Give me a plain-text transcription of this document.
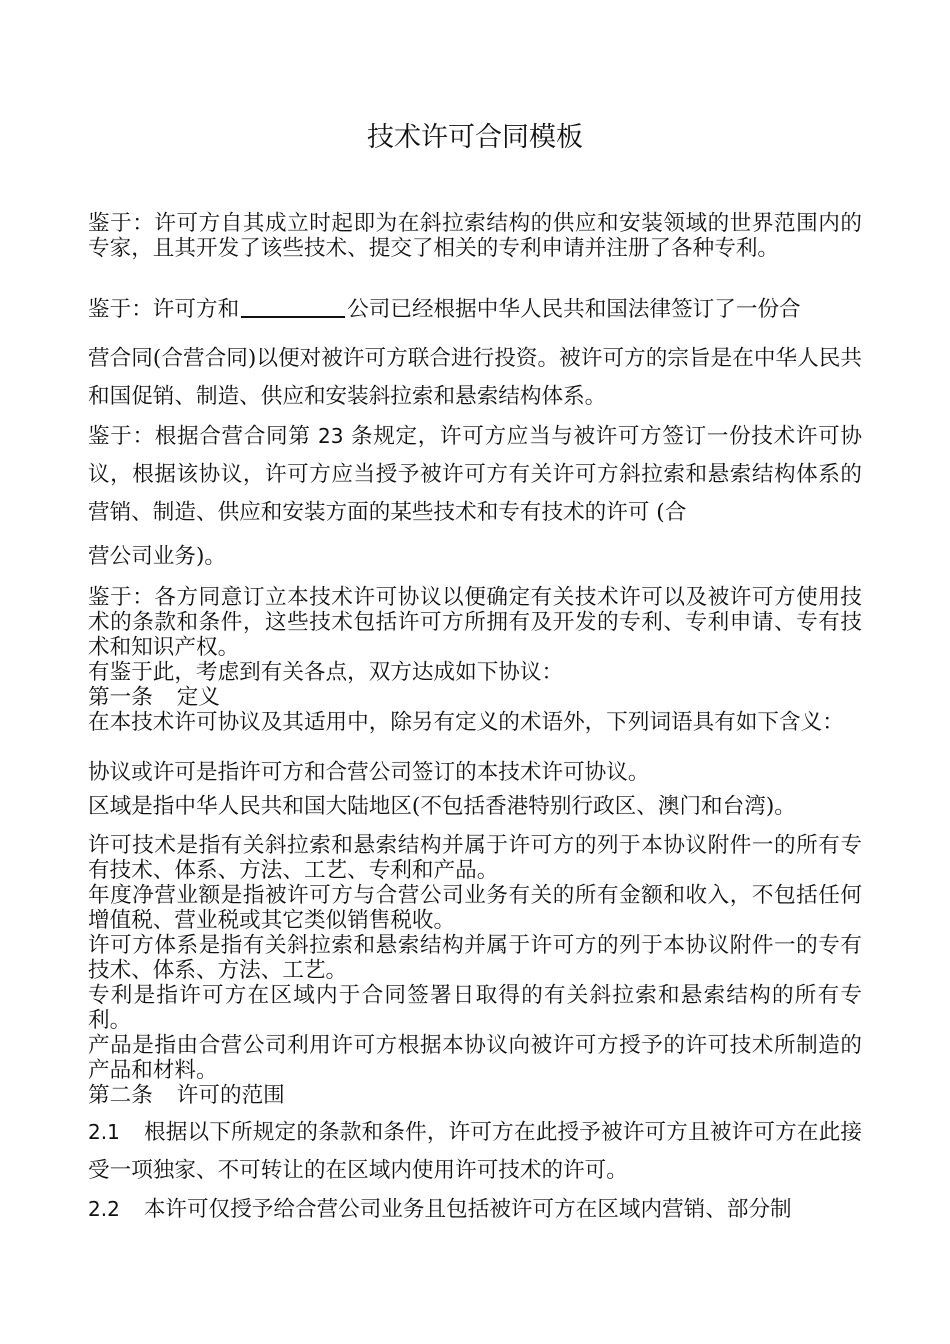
技术许可合同模板

鉴于：许可方自其成立时起即为在斜拉索结构的供应和安装领域的世界范围内的专家，且其开发了该些技术、提交了相关的专利申请并注册了各种专利。

鉴于：许可方和	公司已经根据中华人民共和国法律签订了一份合

营合同(合营合同)以便对被许可方联合进行投资。被许可方的宗旨是在中华人民共和国促销、制造、供应和安装斜拉索和悬索结构体系。

鉴于：根据合营合同第 23 条规定，许可方应当与被许可方签订一份技术许可协议，根据该协议，许可方应当授予被许可方有关许可方斜拉索和悬索结构体系的营销、制造、供应和安装方面的某些技术和专有技术的许可 (合

营公司业务)。

鉴于：各方同意订立本技术许可协议以便确定有关技术许可以及被许可方使用技术的条款和条件，这些技术包括许可方所拥有及开发的专利、专利申请、专有技术和知识产权。

有鉴于此，考虑到有关各点，双方达成如下协议：

第一条 定义

在本技术许可协议及其适用中，除另有定义的术语外，下列词语具有如下含义：

协议或许可是指许可方和合营公司签订的本技术许可协议。

区域是指中华人民共和国大陆地区(不包括香港特别行政区、澳门和台湾)。

许可技术是指有关斜拉索和悬索结构并属于许可方的列于本协议附件一的所有专有技术、体系、方法、工艺、专利和产品。

年度净营业额是指被许可方与合营公司业务有关的所有金额和收入，不包括任何增值税、营业税或其它类似销售税收。

许可方体系是指有关斜拉索和悬索结构并属于许可方的列于本协议附件一的专有技术、体系、方法、工艺。

专利是指许可方在区域内于合同签署日取得的有关斜拉索和悬索结构的所有专利。

产品是指由合营公司利用许可方根据本协议向被许可方授予的许可技术所制造的产品和材料。

第二条 许可的范围

2.1 根据以下所规定的条款和条件，许可方在此授予被许可方且被许可方在此接受一项独家、不可转让的在区域内使用许可技术的许可。

2.2 本许可仅授予给合营公司业务且包括被许可方在区域内营销、部分制
